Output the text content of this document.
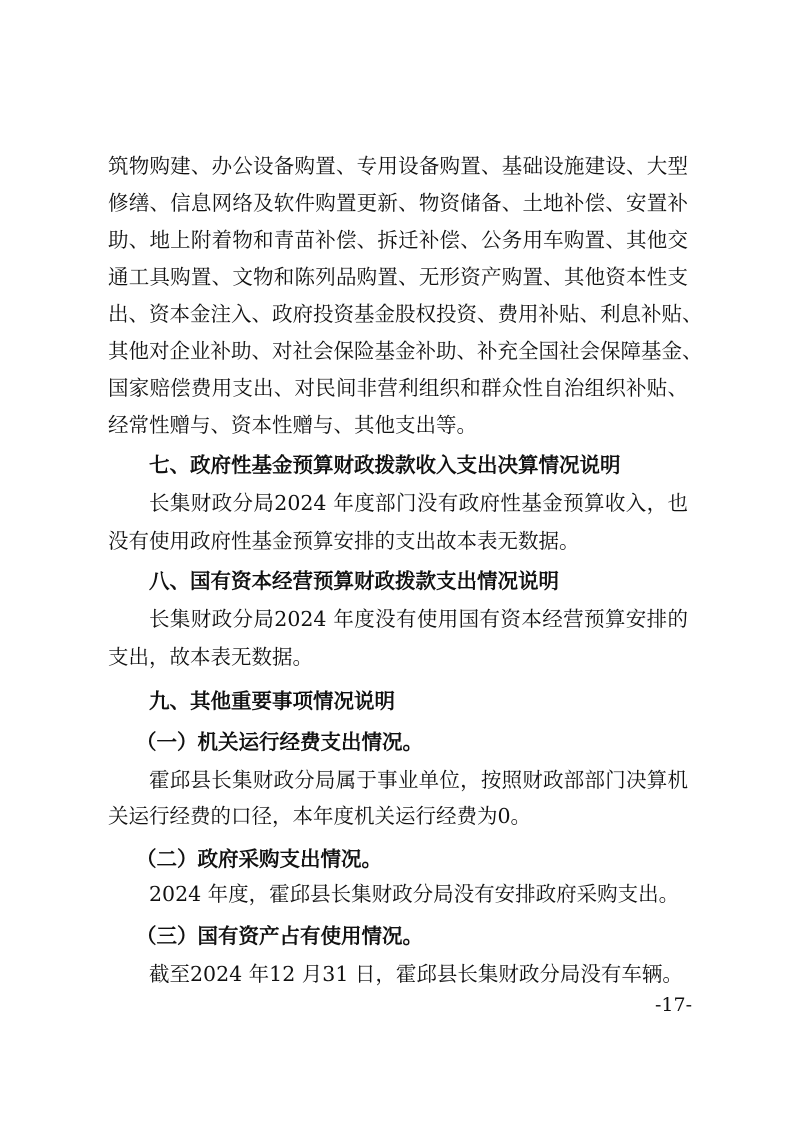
筑物购建、办公设备购置、专用设备购置、基础设施建设、大型
修缮、信息网络及软件购置更新、物资储备、土地补偿、安置补
助、地上附着物和青苗补偿、拆迁补偿、公务用车购置、其他交
通工具购置、文物和陈列品购置、无形资产购置、其他资本性支
出、资本金注入、政府投资基金股权投资、费用补贴、利息补贴、
其他对企业补助、对社会保险基金补助、补充全国社会保障基金、
国家赔偿费用支出、对民间非营利组织和群众性自治组织补贴、
经常性赠与、资本性赠与、其他支出等。
七、政府性基金预算财政拨款收入支出决算情况说明
长集财政分局2024 年度部门没有政府性基金预算收入，也
没有使用政府性基金预算安排的支出故本表无数据。
八、国有资本经营预算财政拨款支出情况说明
长集财政分局2024 年度没有使用国有资本经营预算安排的
支出，故本表无数据。
九、其他重要事项情况说明
（一）机关运行经费支出情况。
霍邱县长集财政分局属于事业单位，按照财政部部门决算机
关运行经费的口径，本年度机关运行经费为0。
（二）政府采购支出情况。
2024 年度，霍邱县长集财政分局没有安排政府采购支出。
（三）国有资产占有使用情况。
截至2024 年12 月31 日，霍邱县长集财政分局没有车辆。
-17-
